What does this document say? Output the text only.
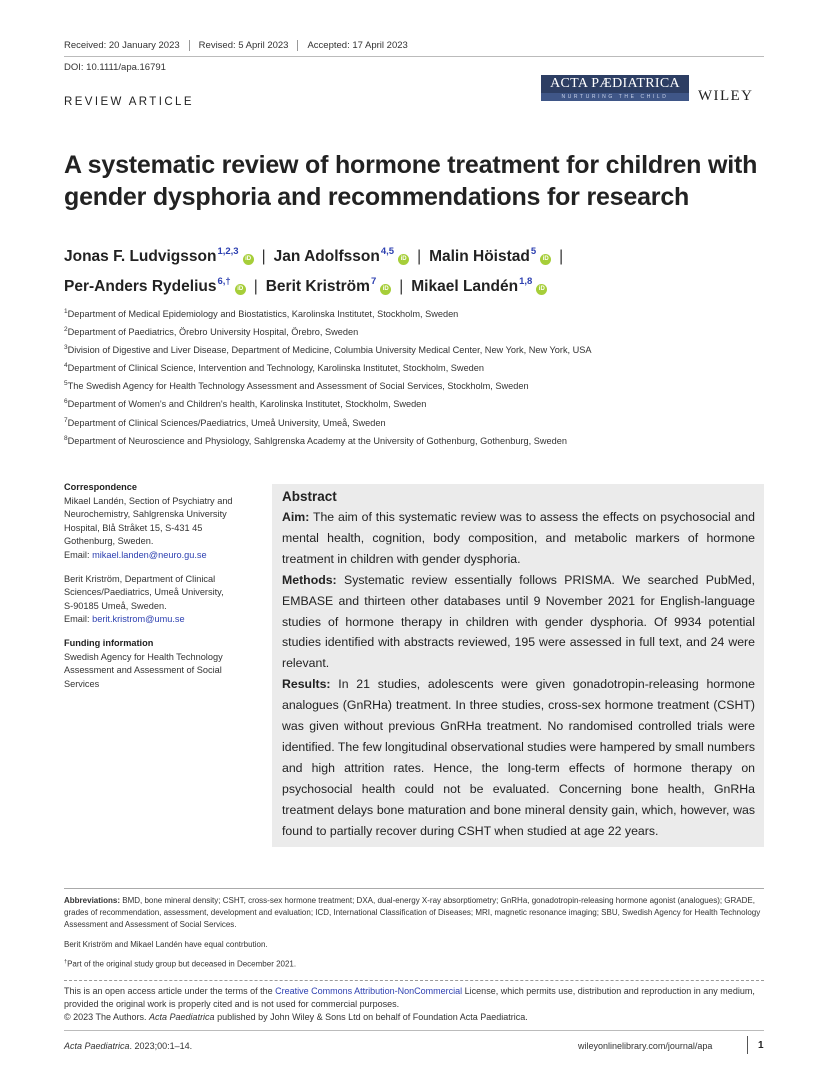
Received: 20 January 2023	Revised: 5 April 2023	Accepted: 17 April 2023
DOI: 10.1111/apa.16791
REVIEW ARTICLE
ACTA PÆDIATRICA
NURTURING THE CHILD	WILEY
A systematic review of hormone treatment for children with
gender dysphoria and recommendations for research
Jonas F. Ludvigsson$^{1,2,3}$iD | Jan Adolfsson$^{4,5}$iD | Malin Höistad$^5$iD |
Per-Anders Rydelius$^{6,\dagger}$iD | Berit Kriström$^7$iD | Mikael Landén$^{1,8}$iD
$^1$Department of Medical Epidemiology and Biostatistics, Karolinska Institutet, Stockholm, Sweden
$^2$Department of Paediatrics, Örebro University Hospital, Örebro, Sweden
$^3$Division of Digestive and Liver Disease, Department of Medicine, Columbia University Medical Center, New York, New York, USA
$^4$Department of Clinical Science, Intervention and Technology, Karolinska Institutet, Stockholm, Sweden
$^5$The Swedish Agency for Health Technology Assessment and Assessment of Social Services, Stockholm, Sweden
$^6$Department of Women's and Children's health, Karolinska Institutet, Stockholm, Sweden
$^7$Department of Clinical Sciences/Paediatrics, Umeå University, Umeå, Sweden
$^8$Department of Neuroscience and Physiology, Sahlgrenska Academy at the University of Gothenburg, Gothenburg, Sweden
Correspondence
Mikael Landén, Section of Psychiatry and
Neurochemistry, Sahlgrenska University
Hospital, Blå Stråket 15, S-431 45
Gothenburg, Sweden.
Email: mikael.landen@neuro.gu.se
Berit Kriström, Department of Clinical
Sciences/Paediatrics, Umeå University,
S-90185 Umeå, Sweden.
Email: berit.kristrom@umu.se
Funding information
Swedish Agency for Health Technology
Assessment and Assessment of Social
Services
Abstract

Aim: The aim of this systematic review was to assess the effects on psychosocial and mental health, cognition, body composition, and metabolic markers of hormone treatment in children with gender dysphoria.

Methods: Systematic review essentially follows PRISMA. We searched PubMed, EMBASE and thirteen other databases until 9 November 2021 for English-language studies of hormone therapy in children with gender dysphoria. Of 9934 potential studies identified with abstracts reviewed, 195 were assessed in full text, and 24 were relevant.

Results: In 21 studies, adolescents were given gonadotropin-releasing hormone analogues (GnRHa) treatment. In three studies, cross-sex hormone treatment (CSHT) was given without previous GnRHa treatment. No randomised controlled trials were identified. The few longitudinal observational studies were hampered by small numbers and high attrition rates. Hence, the long-term effects of hormone therapy on psychosocial health could not be evaluated. Concerning bone health, GnRHa treatment delays bone maturation and bone mineral density gain, which, however, was found to partially recover during CSHT when studied at age 22 years.

Abbreviations: BMD, bone mineral density; CSHT, cross-sex hormone treatment; DXA, dual-energy X-ray absorptiometry; GnRHa, gonadotropin-releasing hormone agonist (analogues); GRADE, grades of recommendation, assessment, development and evaluation; ICD, International Classification of Diseases; MRI, magnetic resonance imaging; SBU, Swedish Agency for Health Technology Assessment and Assessment of Social Services.
Berit Kriström and Mikael Landén have equal contrbution.
†Part of the original study group but deceased in December 2021.
This is an open access article under the terms of the Creative Commons Attribution-NonCommercial License, which permits use, distribution and reproduction in any medium, provided the original work is properly cited and is not used for commercial purposes.
© 2023 The Authors. Acta Paediatrica published by John Wiley & Sons Ltd on behalf of Foundation Acta Paediatrica.
Acta Paediatrica. 2023;00:1–14.	wileyonlinelibrary.com/journal/apa	1
